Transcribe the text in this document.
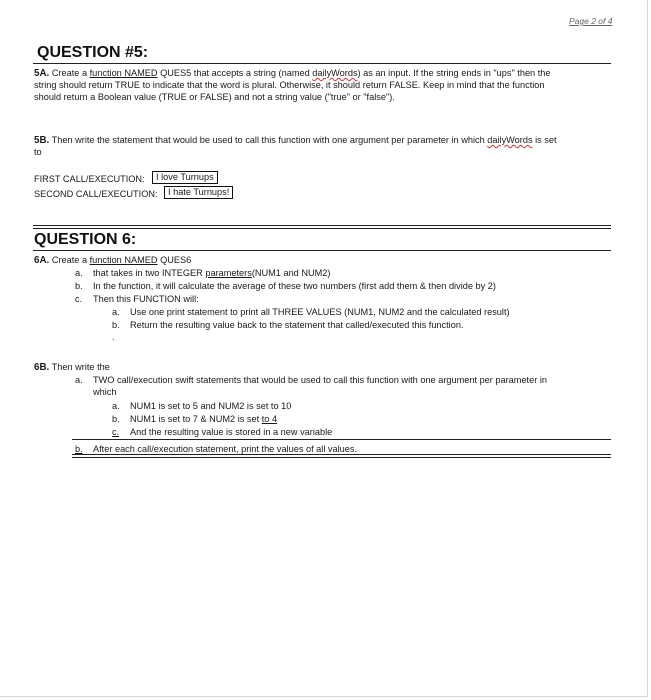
Page 2 of 4
QUESTION #5:
5A. Create a function NAMED QUES5 that accepts a string (named dailyWords) as an input. If the string ends in "ups" then the
string should return TRUE to indicate that the word is plural. Otherwise, it should return FALSE. Keep in mind that the function
should return a Boolean value (TRUE or FALSE) and not a string value ("true" or "false").
5B. Then write the statement that would be used to call this function with one argument per parameter in which dailyWords is set
to
FIRST CALL/EXECUTION:	I love Turnups
SECOND CALL/EXECUTION:	I hate Turnups!
QUESTION 6:
6A. Create a function NAMED QUES6
a. that takes in two INTEGER parameters(NUM1 and NUM2)
b. In the function, it will calculate the average of these two numbers (first add them & then divide by 2)
c. Then this FUNCTION will:
a. Use one print statement to print all THREE VALUES (NUM1, NUM2 and the calculated result)
b. Return the resulting value back to the statement that called/executed this function.
.
6B. Then write the
a. TWO call/execution swift statements that would be used to call this function with one argument per parameter in
which
a. NUM1 is set to 5 and NUM2 is set to 10
b. NUM1 is set to 7 & NUM2 is set to 4
c. And the resulting value is stored in a new variable
b. After each call/execution statement, print the values of all values.
